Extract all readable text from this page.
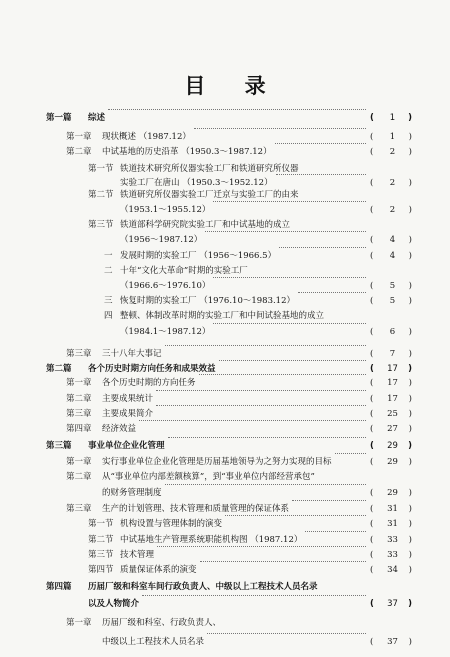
目 录
第一篇 综述	(	1	)
第一章 现状概述 （1987.12）	(	1	)
第二章 中试基地的历史沿革 （1950.3～1987.12）	(	2	)
第一节 铁道技术研究所仪器实验工厂和铁道研究所仪器
实验工厂在唐山 （1950.3～1952.12）	(	2	)
第二节 铁道研究所仪器实验工厂迁京与实验工厂的由来
（1953.1～1955.12）	(	2	)
第三节 铁道部科学研究院实验工厂和中试基地的成立
（1956～1987.12）	(	4	)
一 发展时期的实验工厂 （1956～1966.5）	(	4	)
二 十年“文化大革命”时期的实验工厂
（1966.6～1976.10）	(	5	)
三 恢复时期的实验工厂 （1976.10～1983.12）	(	5	)
四 整顿、体制改革时期的实验工厂和中间试验基地的成立
（1984.1～1987.12）	(	6	)
第三章 三十八年大事记	(	7	)
第二篇 各个历史时期方向任务和成果效益	(	17	)
第一章 各个历史时期的方向任务	(	17	)
第二章 主要成果统计	(	17	)
第三章 主要成果简介	(	25	)
第四章 经济效益	(	27	)
第三篇 事业单位企业化管理	(	29	)
第一章 实行事业单位企业化管理是历届基地领导为之努力实现的目标	(	29	)
第二章 从“事业单位内部差额核算”，到“事业单位内部经营承包”
的财务管理制度	(	29	)
第三章 生产的计划管理、技术管理和质量管理的保证体系	(	31	)
第一节 机构设置与管理体制的演变	(	31	)
第二节 中试基地生产管理系统职能机构图 （1987.12）	(	33	)
第三节 技术管理	(	33	)
第四节 质量保证体系的演变	(	34	)
第四篇 历届厂级和科室车间行政负责人、中级以上工程技术人员名录
以及人物简介	(	37	)
第一章 历届厂级和科室、行政负责人、
中级以上工程技术人员名录	(	37	)
